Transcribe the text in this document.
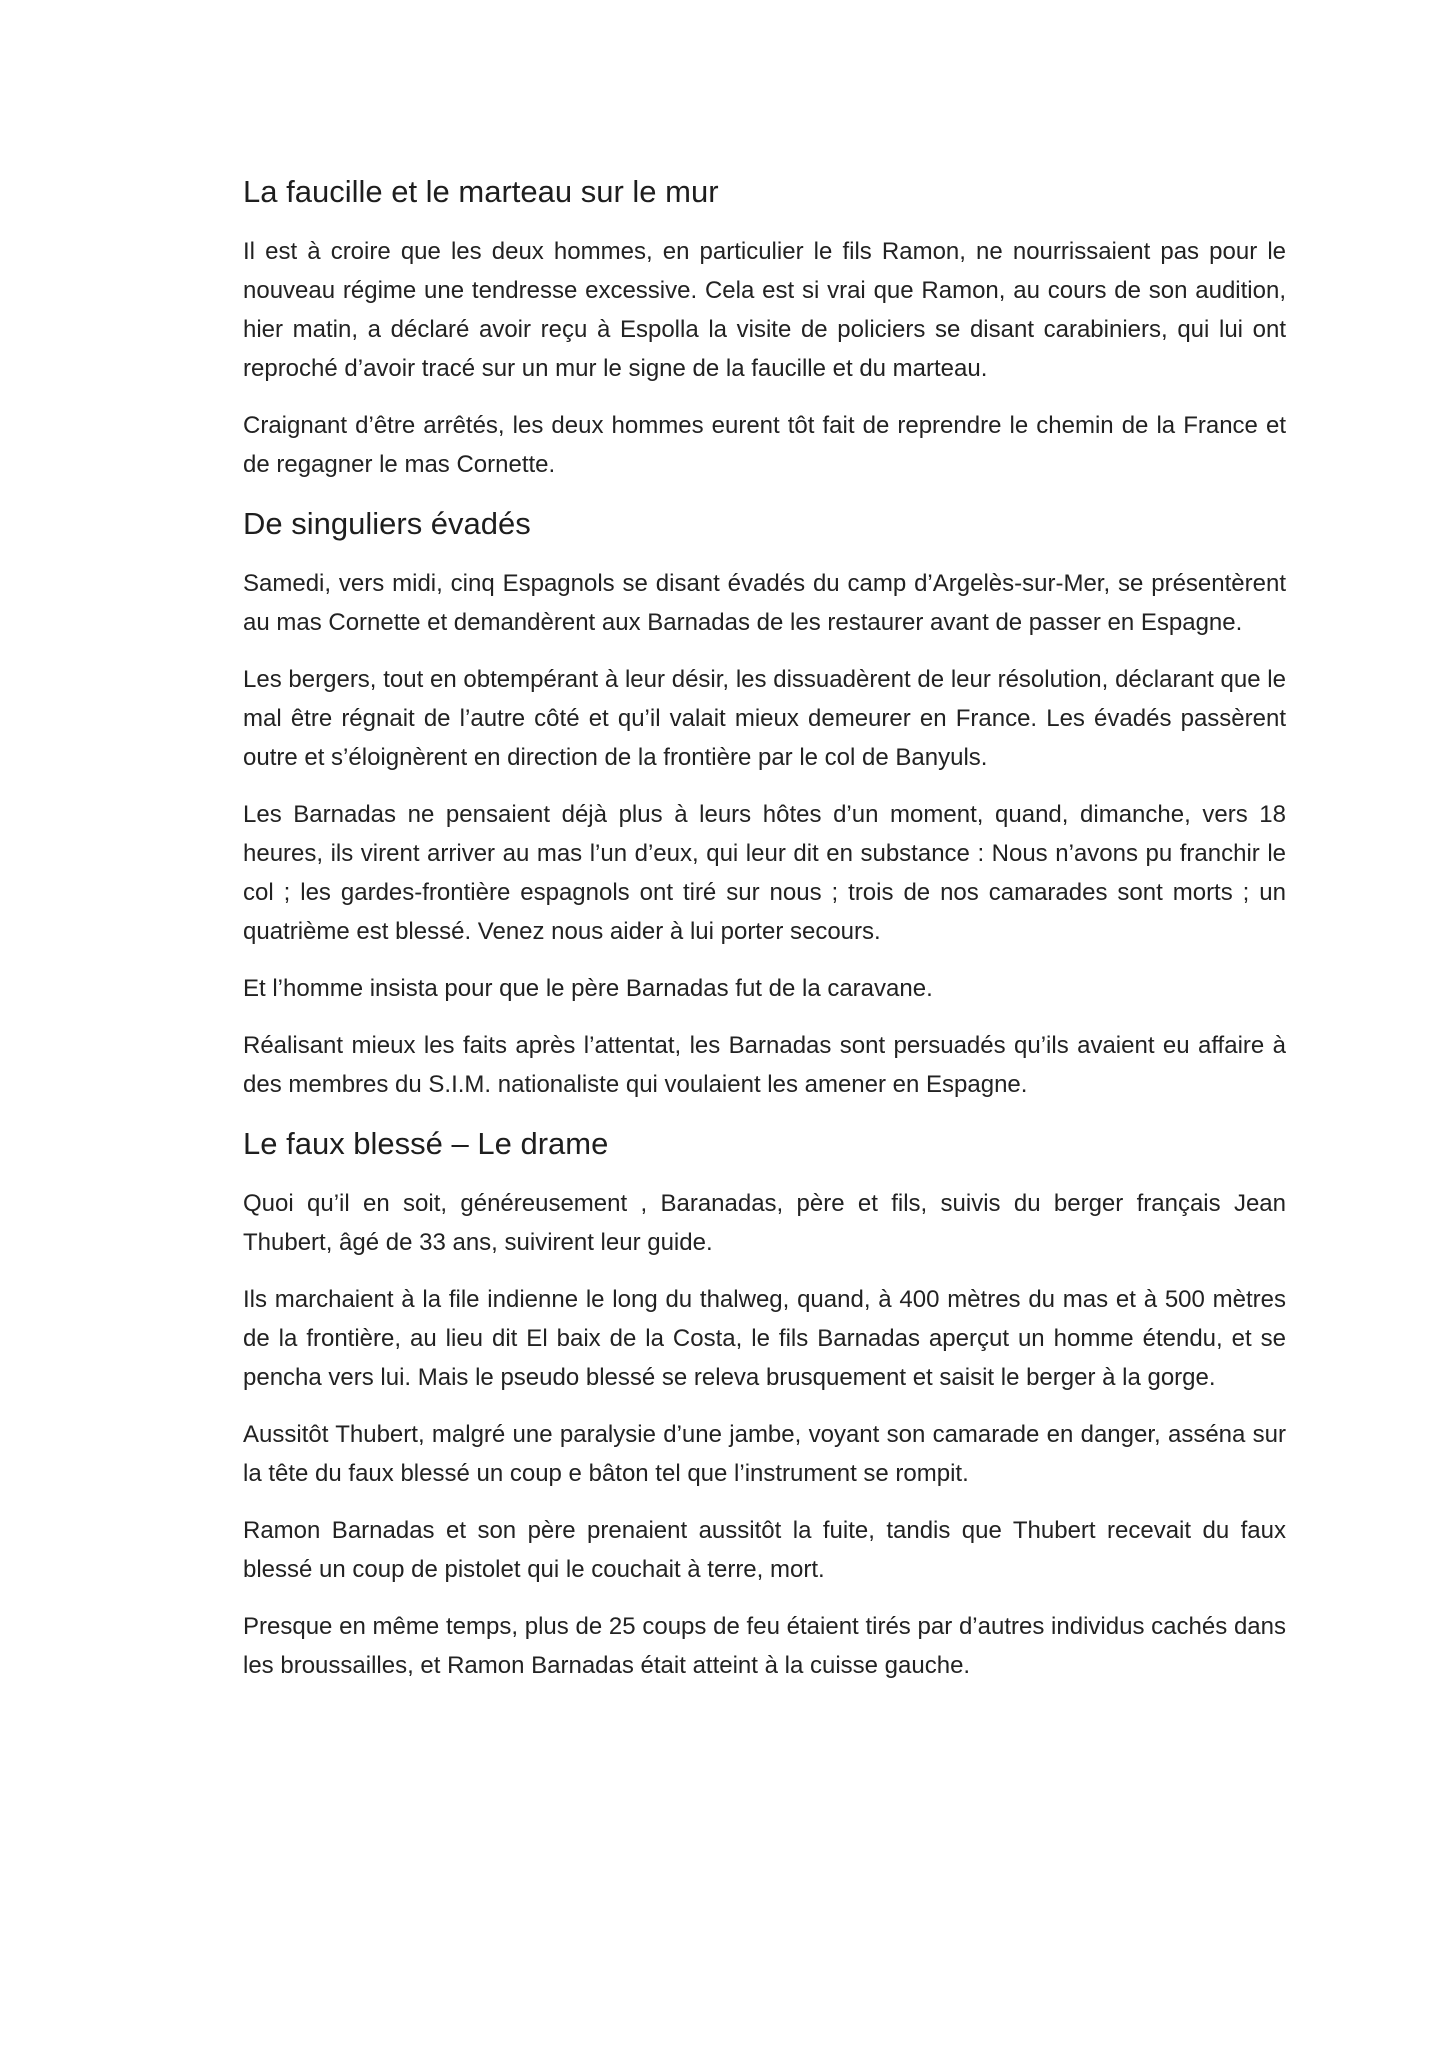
La faucille et le marteau sur le mur

Il est à croire que les deux hommes, en particulier le fils Ramon, ne nourrissaient pas pour le nouveau régime une tendresse excessive. Cela est si vrai que Ramon, au cours de son audition, hier matin, a déclaré avoir reçu à Espolla la visite de policiers se disant carabiniers, qui lui ont reproché d’avoir tracé sur un mur le signe de la faucille et du marteau.

Craignant d’être arrêtés, les deux hommes eurent tôt fait de reprendre le chemin de la France et de regagner le mas Cornette.

De singuliers évadés

Samedi, vers midi, cinq Espagnols se disant évadés du camp d’Argelès-sur-Mer, se présentèrent au mas Cornette et demandèrent aux Barnadas de les restaurer avant de passer en Espagne.

Les bergers, tout en obtempérant à leur désir, les dissuadèrent de leur résolution, déclarant que le mal être régnait de l’autre côté et qu’il valait mieux demeurer en France. Les évadés passèrent outre et s’éloignèrent en direction de la frontière par le col de Banyuls.

Les Barnadas ne pensaient déjà plus à leurs hôtes d’un moment, quand, dimanche, vers 18 heures, ils virent arriver au mas l’un d’eux, qui leur dit en substance : Nous n’avons pu franchir le col ; les gardes-frontière espagnols ont tiré sur nous ; trois de nos camarades sont morts ; un quatrième est blessé. Venez nous aider à lui porter secours.

Et l’homme insista pour que le père Barnadas fut de la caravane.

Réalisant mieux les faits après l’attentat, les Barnadas sont persuadés qu’ils avaient eu affaire à des membres du S.I.M. nationaliste qui voulaient les amener en Espagne.

Le faux blessé – Le drame

Quoi qu’il en soit, généreusement , Baranadas, père et fils, suivis du berger français Jean Thubert, âgé de 33 ans, suivirent leur guide.

Ils marchaient à la file indienne le long du thalweg, quand, à 400 mètres du mas et à 500 mètres de la frontière, au lieu dit El baix de la Costa, le fils Barnadas aperçut un homme étendu, et se pencha vers lui. Mais le pseudo blessé se releva brusquement et saisit le berger à la gorge.

Aussitôt Thubert, malgré une paralysie d’une jambe, voyant son camarade en danger, asséna sur la tête du faux blessé un coup e bâton tel que l’instrument se rompit.

Ramon Barnadas et son père prenaient aussitôt la fuite, tandis que Thubert recevait du faux blessé un coup de pistolet qui le couchait à terre, mort.

Presque en même temps, plus de 25 coups de feu étaient tirés par d’autres individus cachés dans les broussailles, et Ramon Barnadas était atteint à la cuisse gauche.
